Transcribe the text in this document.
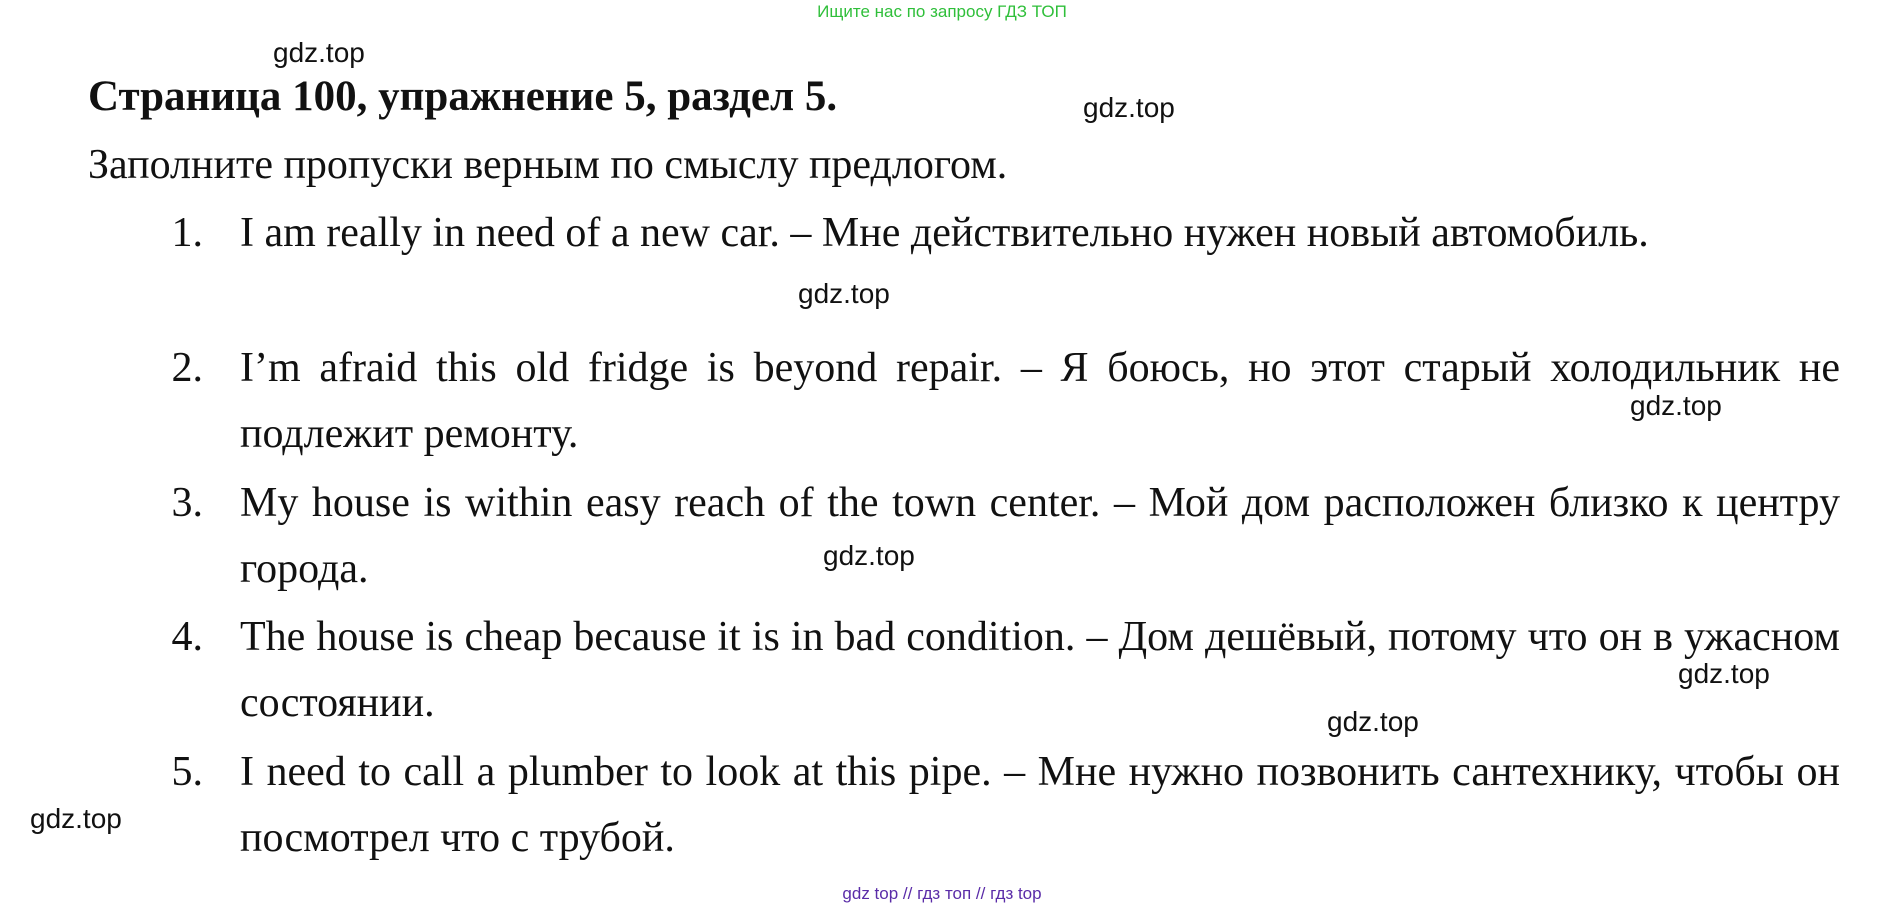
Ищите нас по запросу ГДЗ ТОП
gdz.top
Страница 100, упражнение 5, раздел 5.	gdz.top

Заполните пропуски верным по смыслу предлогом.

1. I am really in need of a new car. – Мне действительно нужен новый автомобиль.
2. I’m afraid this old fridge is beyond repair. – Я боюсь, но этот старый холодильник не подлежит ремонту.
3. My house is within easy reach of the town center. – Мой дом расположен близко к центру города.
4. The house is cheap because it is in bad condition. – Дом дешёвый, потому что он в ужасном состоянии.
5. I need to call a plumber to look at this pipe. – Мне нужно позвонить сантехнику, чтобы он посмотрел что с трубой.
gdz.top
gdz.top
gdz.top
gdz.top
gdz.top
gdz.top
gdz top // гдз топ // гдз top
